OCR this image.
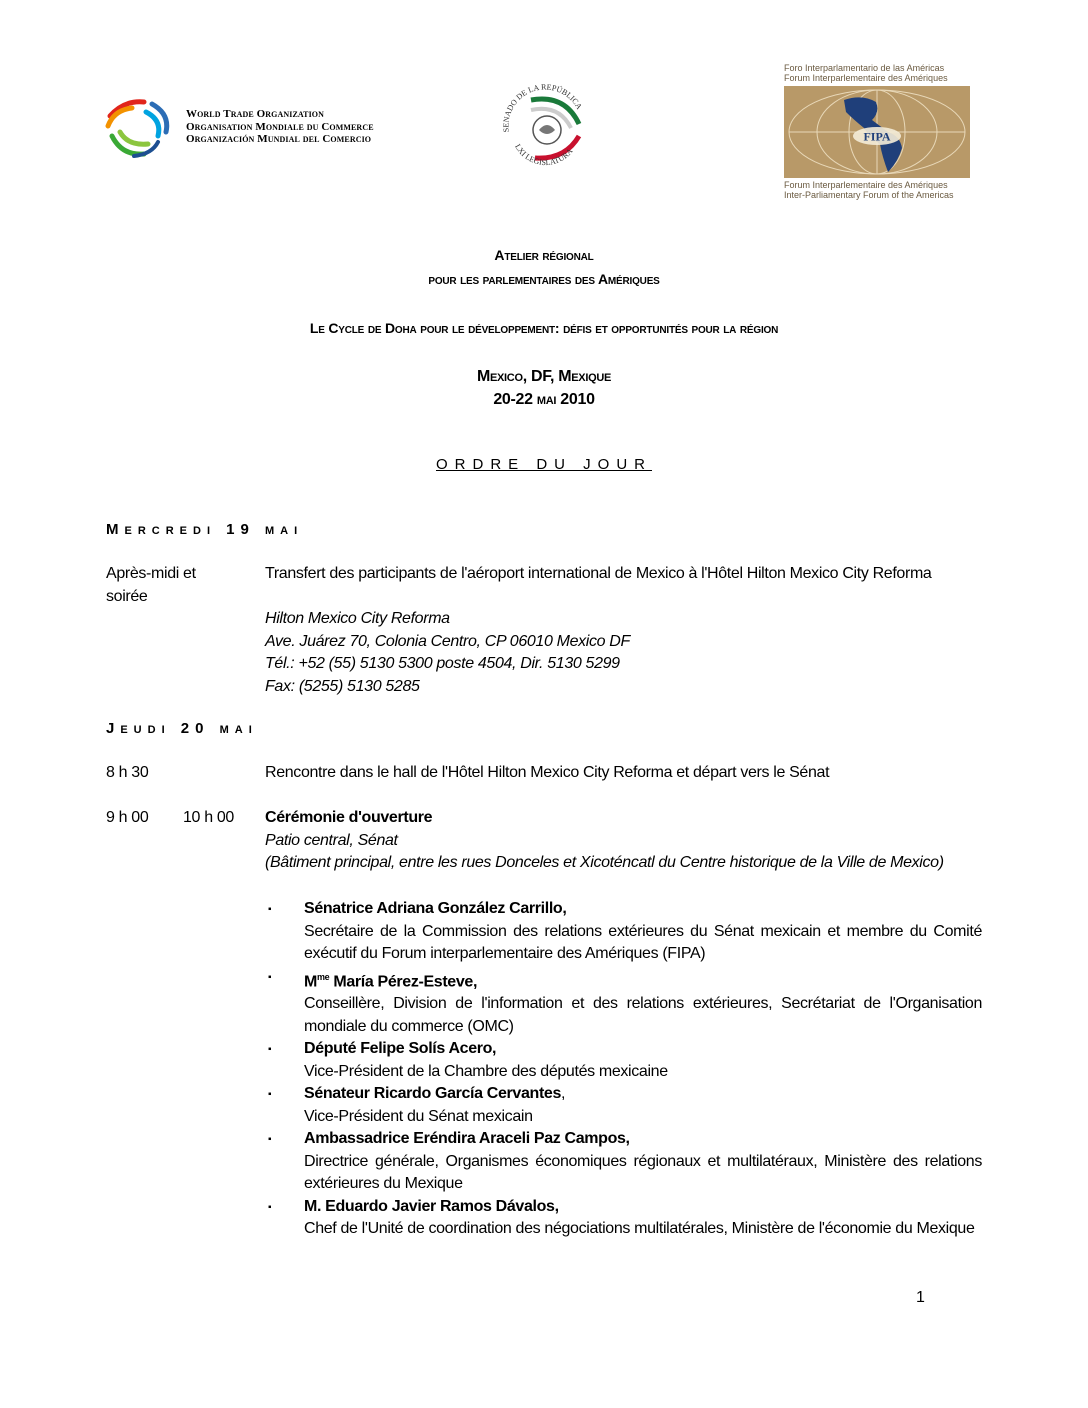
World Trade Organization
Organisation Mondiale du Commerce
Organización Mundial del Comercio
SENADO DE LA REPÚBLICA
LXI LEGISLATURA
Foro Interparlamentario de las Américas
Forum Interparlementaire des Amériques
FIPA
Forum Interparlementaire des Amériques
Inter-Parliamentary Forum of the Americas
Atelier régional
pour les parlementaires des Amériques
Le Cycle de Doha pour le développement: défis et opportunités pour la région
Mexico, DF, Mexique
20-22 mai 2010
ORDRE DU JOUR
Mercredi 19 mai
Après-midi et
soirée
Transfert des participants de l'aéroport international de Mexico à l'Hôtel Hilton Mexico City Reforma
Hilton Mexico City Reforma
Ave. Juárez 70, Colonia Centro, CP 06010 Mexico DF
Tél.: +52 (55) 5130 5300 poste 4504, Dir. 5130 5299
Fax: (5255) 5130 5285
Jeudi 20 mai
8 h 30	Rencontre dans le hall de l'Hôtel Hilton Mexico City Reforma et départ vers le Sénat
9 h 00 10 h 00 Cérémonie d'ouverture
Patio central, Sénat
(Bâtiment principal, entre les rues Donceles et Xicoténcatl du Centre historique de la Ville de Mexico)
▪ Sénatrice Adriana González Carrillo,
Secrétaire de la Commission des relations extérieures du Sénat mexicain et membre du Comité exécutif du Forum interparlementaire des Amériques (FIPA)
▪ $M^{me}$ María Pérez-Esteve,
Conseillère, Division de l'information et des relations extérieures, Secrétariat de l'Organisation mondiale du commerce (OMC)
▪ Député Felipe Solís Acero,
Vice-Président de la Chambre des députés mexicaine
▪ Sénateur Ricardo García Cervantes,
Vice-Président du Sénat mexicain
▪ Ambassadrice Eréndira Araceli Paz Campos,
Directrice générale, Organismes économiques régionaux et multilatéraux, Ministère des relations extérieures du Mexique
▪ M. Eduardo Javier Ramos Dávalos,
Chef de l'Unité de coordination des négociations multilatérales, Ministère de l'économie du Mexique
1
